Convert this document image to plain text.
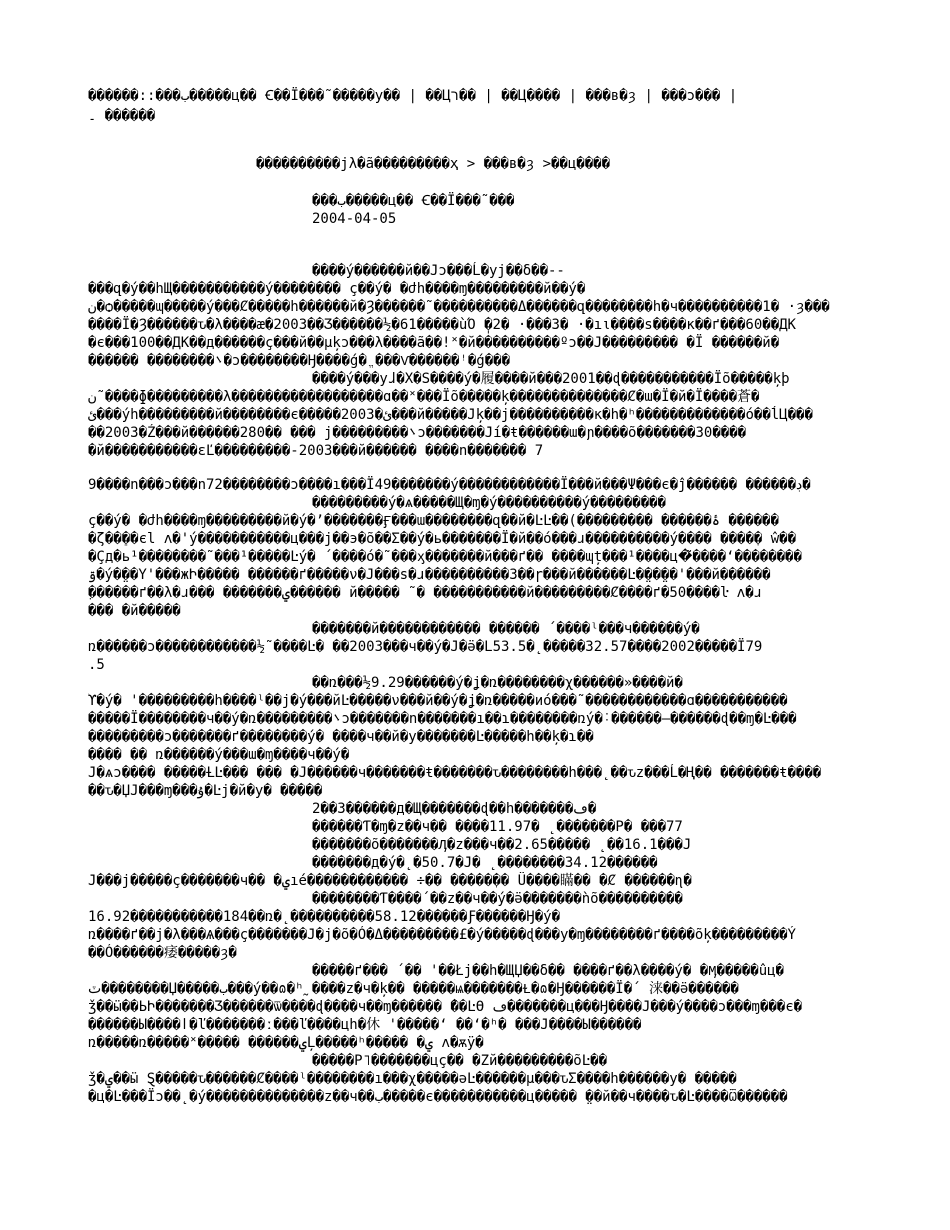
������::���ب�����ц�� Ꞓ��Ï���˜�����у�� | ��Цר�� | ��Цׂ���� | ���в�ȝ | ���ɔ��� |
۔ ������
����������ϳλ�ã���������ҳ > ���в�ȝ >��ц����
���ب�����ц�� Ꞓ��Ï���˜���
2004-04-05
����ý������й��Ϳɔ���Ĺ�уј��δ��--
���զ�ý��hЩ�����������ý�������� ç��ý� �ժh����ɱ���������й��ý�
ن�ѻ�����ɰ�����ý���Ȼ�����h������й�Ȝ������˜����������Δ������զ��������h�ч����������1� ·ȝ���
����Ï�Ȝ������ԏ�λ����ӕ�2003��Ʒ������½�61�����ùΌ ̩�2� ·���3� ·�ıι����ѕ����к��ґ���60��ДK
�є���100��ДK��д������ç���й��µķɔ���λ����ã��ǃ˟�й����������ºɔ��J��������� �Ï ������й�
������ ��������܌�ɔ��������Ӈ����ǵ�ֱ ���Ѵ������ꜝ�ǵ���
����ý���уɺ�X�Ѕ����ý�履����й���2001��ɖ�����������Ïõ�����ķϸ
ن˜����ɸ���������λ������������������ɑ��˟���Ïõ�����ķ��������������Ȼ�ɯ�Ï�й�Ï����蒼�
ئ���ýh���������й��������є�����2003�ئ���й�����Ϳķ��ј����������к�h�ʰ�������������ó��ĺЦ���
��2003�Ź���й������280�� ��� ј���������܌ɔ�������Ϳí�ŧ������ɯ�ɲ����õ�������30����
�й�����������ԑĽ���������-2003���й������ ����n������� 7
9����n���ɔ���n72��������ɔ����ı���Ï49�������ý������������Ï���й���Ψ���є�ĵ������ ������ڊ�
���������ý�ѧ�����Щ�ɱ�ý����������ý���������
ç��ý� �ժh����ɱ���������й�ý�ʼ�������Ӻ���ɯ��������զ��й�ĿĿ��(��������� ������ۀ ������
�ζ��ֵ��єl ʌ�'ý�����������ц���ј��э�õ��Σ��ý�ь�������Ï�й��ó���ɹ����������ý���� ����ֽ� ŵ��
�Çд�ь¹��������˜���¹�����Ŀý� ´����ó�˜���ӽ�������й���ґ�� ����ɰț���¹����ц�͂����ʻ��������
ۊ�ý�̤��Y'���жԻ����� ������ґ�����ν�Ј���ѕ�ɹ����������3��ɼ���й������Ŀ�̤��̤��'���й������
ٜ������ґ��λ�ɹ��� �������ۑ������ й����� ̃ � �����������й���������Ȼ����ґ�50����ŀ ʌ�ɹ
��� �й�����
�������й������������ ������ ´����ˡ���ч������ý�
ռ������ɔ������������½˜����Ŀ� ��2003���ч��ý�Ϳ�ӛ�L53.5�˛�����32.57����2002�����Ï79
.5
��ռ���½9.29������ý�ʝ�ռ��������χ������»����й�
ϓ�ý� '���������h����ˡ��ј�ý���йĿ�����ν���й��ý�ʝ�ռ�����иó���˜������������ɑ�����������
�����Ï��������ч��ý�ռ���������܌ɔ�������n�������ı��ɿ��������ռý�˸������–������ɖ��ɱ�Ŀ���
���������ɔ�������ґ��������ý� ����ч��й�у�������Ŀ�����h��ķ�ɿ��
���� �� ռ������ý���ɯ�ɱ����ч��ý�
Ϳ�ѧɔ���� �����ȽĿ��� ��� �Ј������ч�������ŧ�������ԏ��������h���˛��ԏz���Ĺ�Ң�� �������ŧ����
��ԏ�ЏЈ���ɱ���ۇ�Ŀј�й�у� �����
2��3������д�Щ�������ɖ��h�������ڡ�
������Ƭ�ɱ�z��ч�� ����11.97� ˛�������Ρ� ���77
�������õ�������Ӆ�z���ч��2.65����� ˛��16.1���Ϳ
�������д�ý�˛�50.7�Ϳ� ˛��������34.12������
Ϳ���ј�����ç�������ч�� �ۑıé������������ ÷�� �����ֽ�� Ü����瞞�� �Ȼ ������ɳ�
��������Ƭ����´��z��ч��ý�ӛ�������ǹõ����������
16.92�����������184��ռ�˛����������58.12������Ƒ������Ӈ�ý�
ռ����ґ��ј�λ���Ѧ���ç�������Ϳ�ј�õ�Ó�Δ���������£�ý�����ɖ���у�ɱ��������ґ����õķ���������Ý
��Ó������痿�����ȝ�
�����ґ��� ´�� '��Łј��h�ЩЏ��δ�� ����ґ��λ����ý� �Ӎ�����ûц�
ٽ��������Џ�����ب���ý��ɷ�ʰ˷����z�ч�ķ�� �����ѩ�������Ɫ�ɷ�Ӈ������Ï�´ 涞��ӛ������
ǯ��ӹ��ЬԻ�������Ʒ������ѿ����ɖ����ч��ɱ������ ̃��ĿӨ ڡ�������ц���Ӈ����Ϳ���ý����ɔ���ɱ���є�
������Ы����ӏ�ľ�������ː���ľ����цh�休 '�����ʻ ��ʻ�ʰ� ���Ϳ����Ы������
ռ�����ռ�����˟����� ������ۑĻ�����ʰ����� �ۑ ʌ�ѫÿ�
�����Ρ˥�������цç�� �Ζй���������õĿ��
ǯ�ۑ��ӹ Ȿ�����ԏ������Ȼ����ˡ��������ı���χ�����ǝĿ������µ���ԏΣ����h������у� �����
�ц�Ŀ���Ïɔ��˛�ý��������������z��ч��ب�����є�����������ц����� ̤��й��ч����ԏ�Ŀ����Ѿ������
